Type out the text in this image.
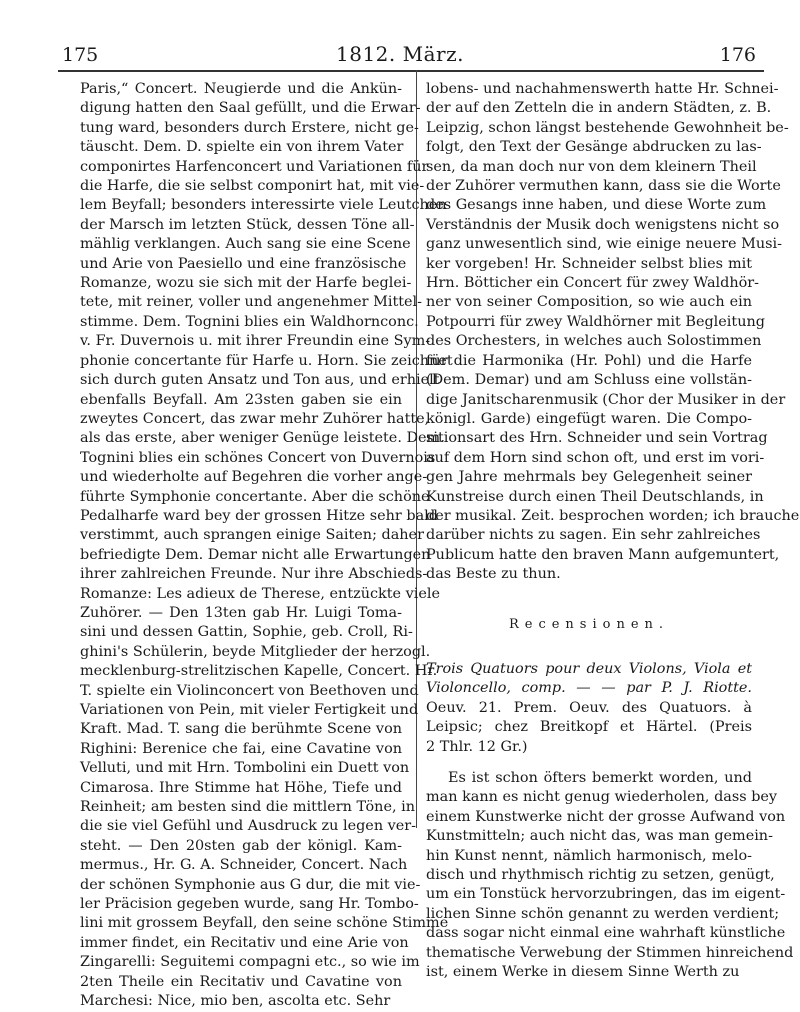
175	1812. März.	176
Paris,“ Concert. Neugierde und die Ankün-
digung hatten den Saal gefüllt, und die Erwar-
tung ward, besonders durch Erstere, nicht ge-
täuscht. Dem. D. spielte ein von ihrem Vater
componirtes Harfenconcert und Variationen für
die Harfe, die sie selbst componirt hat, mit vie-
lem Beyfall; besonders interessirte viele Leutchen
der Marsch im letzten Stück, dessen Töne all-
mählig verklangen. Auch sang sie eine Scene
und Arie von Paesiello und eine französische
Romanze, wozu sie sich mit der Harfe beglei-
tete, mit reiner, voller und angenehmer Mittel-
stimme. Dem. Tognini blies ein Waldhornconc.
v. Fr. Duvernois u. mit ihrer Freundin eine Sym-
phonie concertante für Harfe u. Horn. Sie zeichnet
sich durch guten Ansatz und Ton aus, und erhielt
ebenfalls Beyfall. Am 23sten gaben sie ein
zweytes Concert, das zwar mehr Zuhörer hatte,
als das erste, aber weniger Genüge leistete. Dem.
Tognini blies ein schönes Concert von Duvernois
und wiederholte auf Begehren die vorher ange-
führte Symphonie concertante. Aber die schöne
Pedalharfe ward bey der grossen Hitze sehr bald
verstimmt, auch sprangen einige Saiten; daher
befriedigte Dem. Demar nicht alle Erwartungen
ihrer zahlreichen Freunde. Nur ihre Abschieds-
Romanze: Les adieux de Therese, entzückte viele
Zuhörer. — Den 13ten gab Hr. Luigi Toma-
sini und dessen Gattin, Sophie, geb. Croll, Ri-
ghini's Schülerin, beyde Mitglieder der herzogl.
mecklenburg-strelitzischen Kapelle, Concert. Hr.
T. spielte ein Violinconcert von Beethoven und
Variationen von Pein, mit vieler Fertigkeit und
Kraft. Mad. T. sang die berühmte Scene von
Righini: Berenice che fai, eine Cavatine von
Velluti, und mit Hrn. Tombolini ein Duett von
Cimarosa. Ihre Stimme hat Höhe, Tiefe und
Reinheit; am besten sind die mittlern Töne, in
die sie viel Gefühl und Ausdruck zu legen ver-
steht. — Den 20sten gab der königl. Kam-
mermus., Hr. G. A. Schneider, Concert. Nach
der schönen Symphonie aus G dur, die mit vie-
ler Präcision gegeben wurde, sang Hr. Tombo-
lini mit grossem Beyfall, den seine schöne Stimme
immer findet, ein Recitativ und eine Arie von
Zingarelli: Seguitemi compagni etc., so wie im
2ten Theile ein Recitativ und Cavatine von
Marchesi: Nice, mio ben, ascolta etc. Sehr
lobens- und nachahmenswerth hatte Hr. Schnei-
der auf den Zetteln die in andern Städten, z. B.
Leipzig, schon längst bestehende Gewohnheit be-
folgt, den Text der Gesänge abdrucken zu las-
sen, da man doch nur von dem kleinern Theil
der Zuhörer vermuthen kann, dass sie die Worte
des Gesangs inne haben, und diese Worte zum
Verständnis der Musik doch wenigstens nicht so
ganz unwesentlich sind, wie einige neuere Musi-
ker vorgeben! Hr. Schneider selbst blies mit
Hrn. Bötticher ein Concert für zwey Waldhör-
ner von seiner Composition, so wie auch ein
Potpourri für zwey Waldhörner mit Begleitung
des Orchesters, in welches auch Solostimmen
für die Harmonika (Hr. Pohl) und die Harfe
(Dem. Demar) und am Schluss eine vollstän-
dige Janitscharenmusik (Chor der Musiker in der
königl. Garde) eingefügt waren. Die Compo-
sitionsart des Hrn. Schneider und sein Vortrag
auf dem Horn sind schon oft, und erst im vori-
gen Jahre mehrmals bey Gelegenheit seiner
Kunstreise durch einen Theil Deutschlands, in
der musikal. Zeit. besprochen worden; ich brauche
darüber nichts zu sagen. Ein sehr zahlreiches
Publicum hatte den braven Mann aufgemuntert,
das Beste zu thun.
Recensionen.
Trois Quatuors pour deux Violons, Viola et
Violoncello, comp. — — par P. J. Riotte.
Oeuv. 21. Prem. Oeuv. des Quatuors. à
Leipsic; chez Breitkopf et Härtel. (Preis
2 Thlr. 12 Gr.)
Es ist schon öfters bemerkt worden, und
man kann es nicht genug wiederholen, dass bey
einem Kunstwerke nicht der grosse Aufwand von
Kunstmitteln; auch nicht das, was man gemein-
hin Kunst nennt, nämlich harmonisch, melo-
disch und rhythmisch richtig zu setzen, genügt,
um ein Tonstück hervorzubringen, das im eigent-
lichen Sinne schön genannt zu werden verdient;
dass sogar nicht einmal eine wahrhaft künstliche
thematische Verwebung der Stimmen hinreichend
ist, einem Werke in diesem Sinne Werth zu
